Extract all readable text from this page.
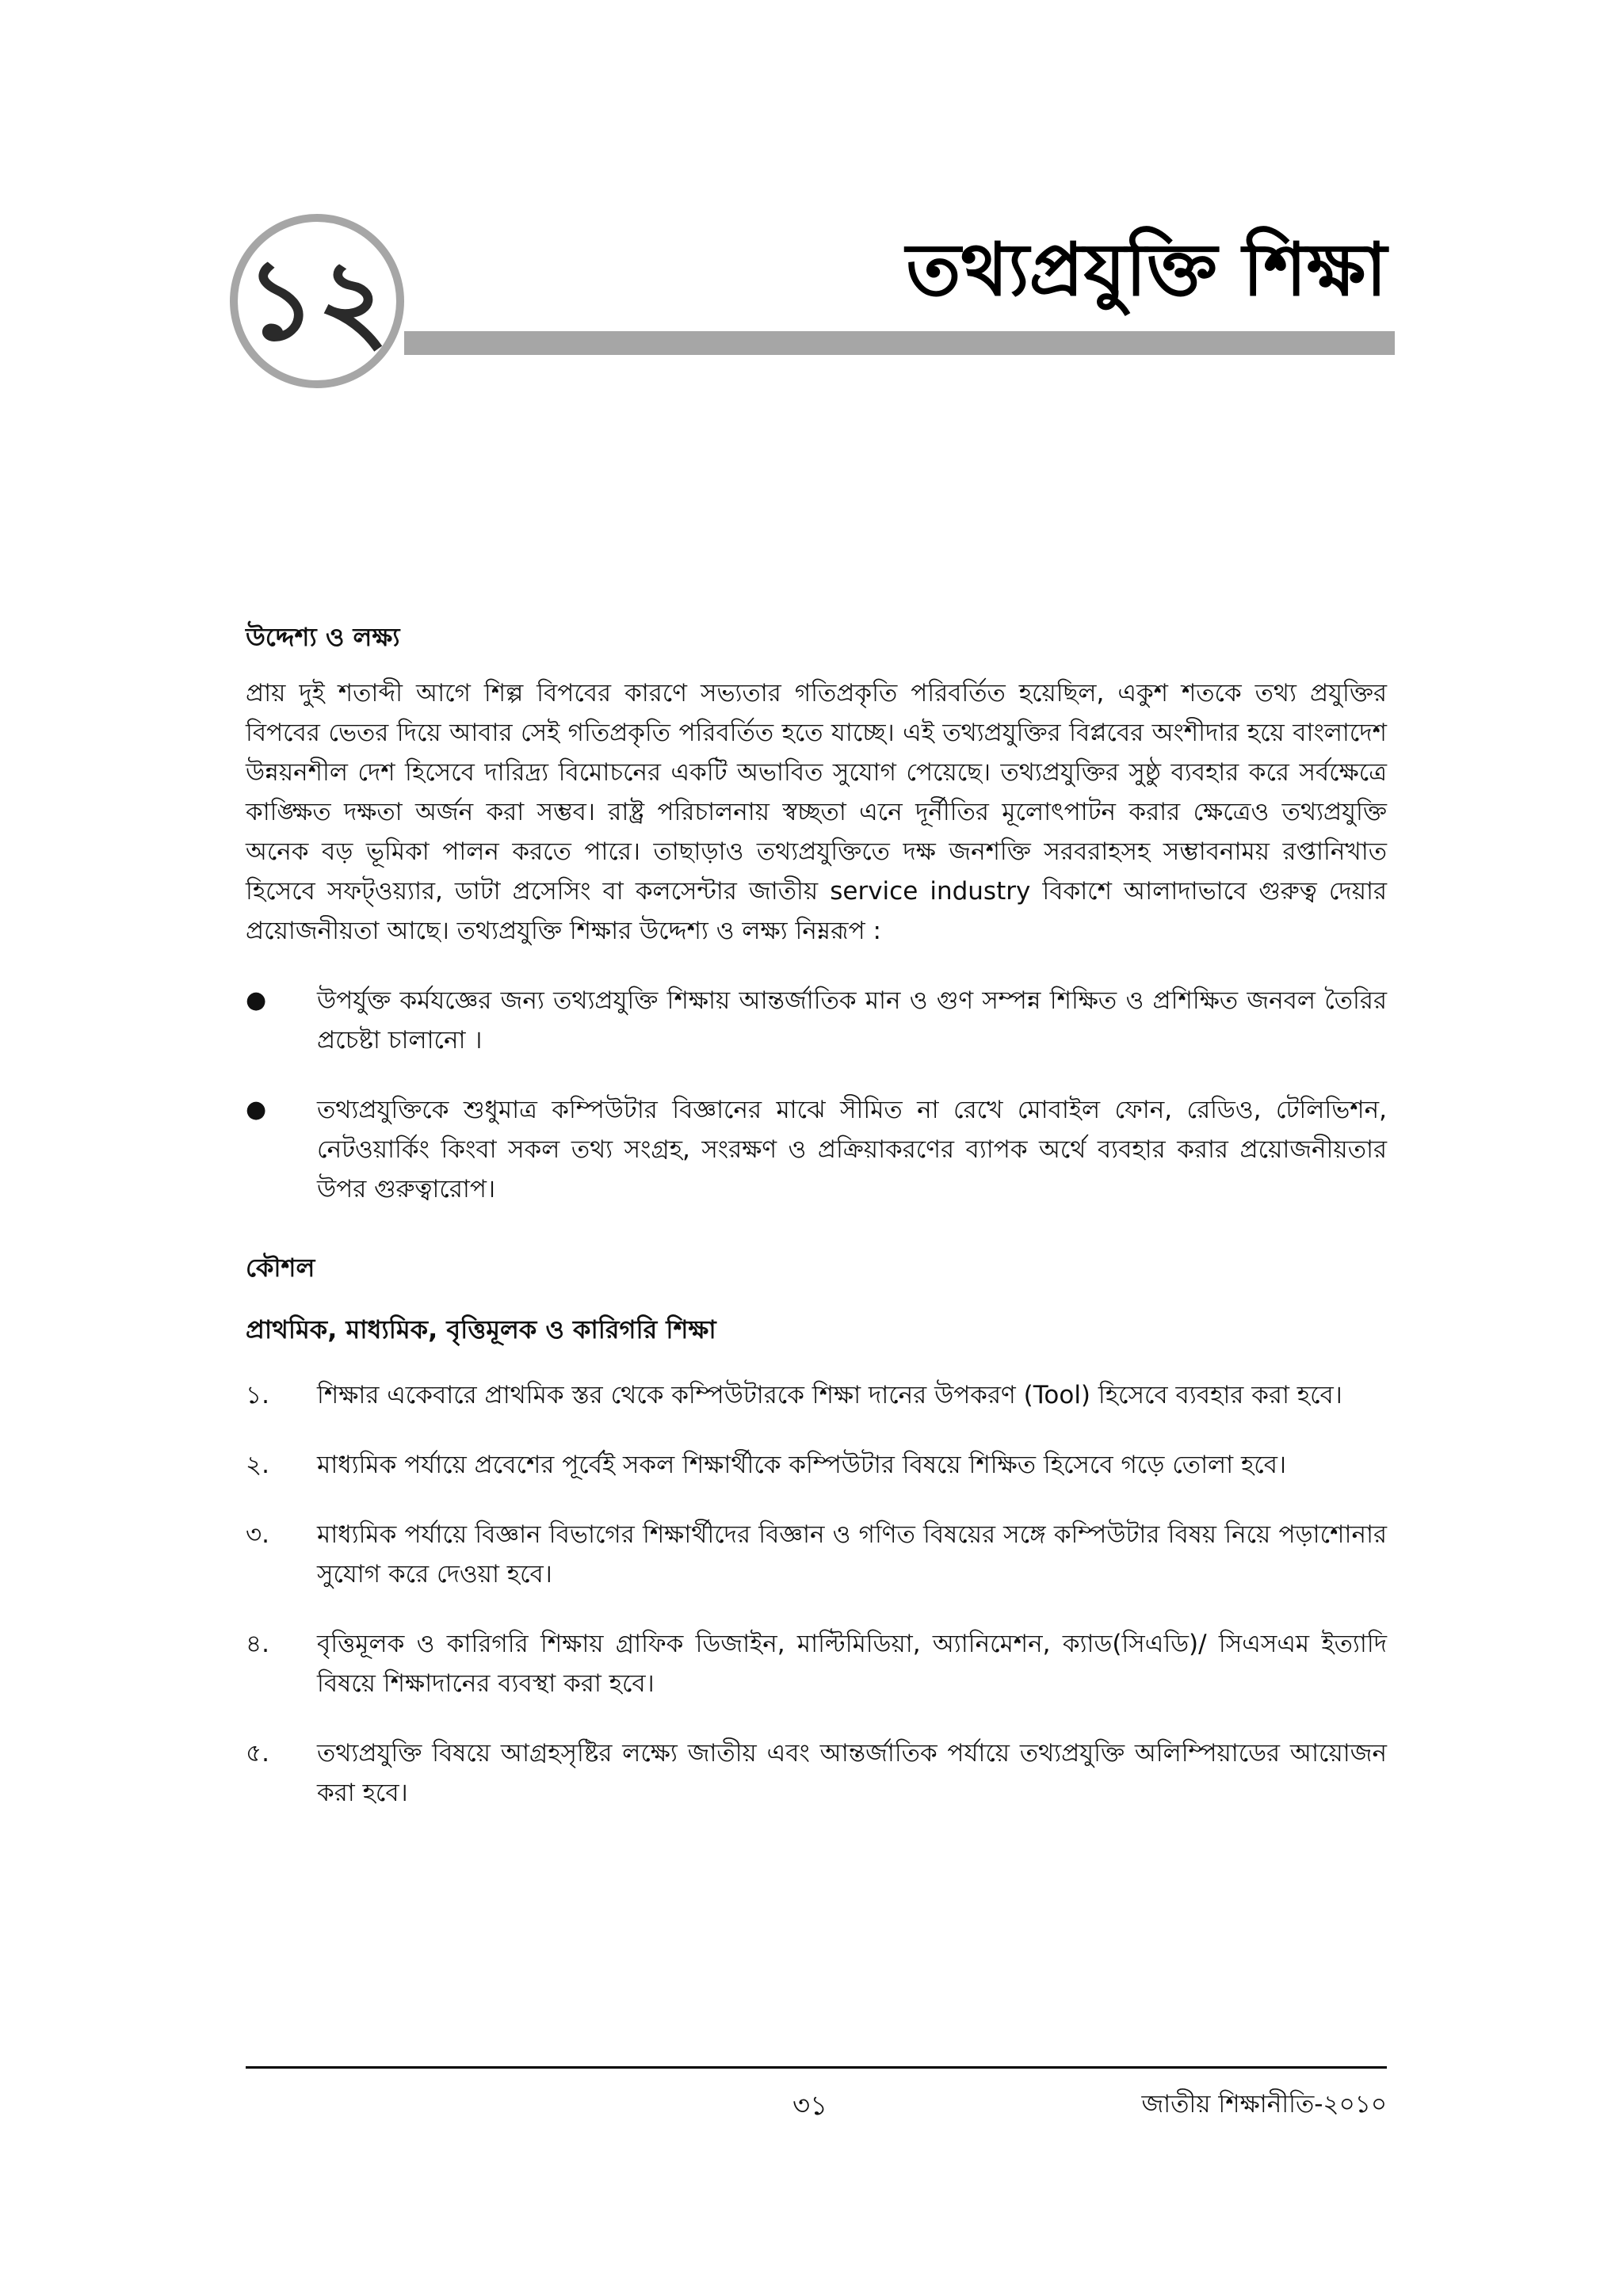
১২	তথ্যপ্রযুক্তি শিক্ষা
উদ্দেশ্য ও লক্ষ্য

প্রায় দুই শতাব্দী আগে শিল্প বিপবের কারণে সভ্যতার গতিপ্রকৃতি পরিবর্তিত হয়েছিল, একুশ শতকে তথ্য প্রযুক্তির বিপবের ভেতর দিয়ে আবার সেই গতিপ্রকৃতি পরিবর্তিত হতে যাচ্ছে। এই তথ্যপ্রযুক্তির বিপ্লবের অংশীদার হয়ে বাংলাদেশ উন্নয়নশীল দেশ হিসেবে দারিদ্র্য বিমোচনের একটি অভাবিত সুযোগ পেয়েছে। তথ্যপ্রযুক্তির সুষ্ঠু ব্যবহার করে সর্বক্ষেত্রে কাঙ্ক্ষিত দক্ষতা অর্জন করা সম্ভব। রাষ্ট্র পরিচালনায় স্বচ্ছতা এনে দূর্নীতির মূলোৎপাটন করার ক্ষেত্রেও তথ্যপ্রযুক্তি অনেক বড় ভূমিকা পালন করতে পারে। তাছাড়াও তথ্যপ্রযুক্তিতে দক্ষ জনশক্তি সরবরাহসহ সম্ভাবনাময় রপ্তানিখাত হিসেবে সফট্ওয়্যার, ডাটা প্রসেসিং বা কলসেন্টার জাতীয় service industry বিকাশে আলাদাভাবে গুরুত্ব দেয়ার প্রয়োজনীয়তা আছে। তথ্যপ্রযুক্তি শিক্ষার উদ্দেশ্য ও লক্ষ্য নিম্নরূপ :

●	উপর্যুক্ত কর্মযজ্ঞের জন্য তথ্যপ্রযুক্তি শিক্ষায় আন্তর্জাতিক মান ও গুণ সম্পন্ন শিক্ষিত ও প্রশিক্ষিত জনবল তৈরির প্রচেষ্টা চালানো ।
●	তথ্যপ্রযুক্তিকে শুধুমাত্র কম্পিউটার বিজ্ঞানের মাঝে সীমিত না রেখে মোবাইল ফোন, রেডিও, টেলিভিশন, নেটওয়ার্কিং কিংবা সকল তথ্য সংগ্রহ, সংরক্ষণ ও প্রক্রিয়াকরণের ব্যাপক অর্থে ব্যবহার করার প্রয়োজনীয়তার উপর গুরুত্বারোপ।
কৌশল
প্রাথমিক, মাধ্যমিক, বৃত্তিমূলক ও কারিগরি শিক্ষা
১.	শিক্ষার একেবারে প্রাথমিক স্তর থেকে কম্পিউটারকে শিক্ষা দানের উপকরণ (Tool) হিসেবে ব্যবহার করা হবে।
২.	মাধ্যমিক পর্যায়ে প্রবেশের পূর্বেই সকল শিক্ষার্থীকে কম্পিউটার বিষয়ে শিক্ষিত হিসেবে গড়ে তোলা হবে।
৩.	মাধ্যমিক পর্যায়ে বিজ্ঞান বিভাগের শিক্ষার্থীদের বিজ্ঞান ও গণিত বিষয়ের সঙ্গে কম্পিউটার বিষয় নিয়ে পড়াশোনার সুযোগ করে দেওয়া হবে।
৪.	বৃত্তিমূলক ও কারিগরি শিক্ষায় গ্রাফিক ডিজাইন, মাল্টিমিডিয়া, অ্যানিমেশন, ক্যাড(সিএডি)/ সিএসএম ইত্যাদি বিষয়ে শিক্ষাদানের ব্যবস্থা করা হবে।
৫.	তথ্যপ্রযুক্তি বিষয়ে আগ্রহসৃষ্টির লক্ষ্যে জাতীয় এবং আন্তর্জাতিক পর্যায়ে তথ্যপ্রযুক্তি অলিম্পিয়াডের আয়োজন করা হবে।
৩১	জাতীয় শিক্ষানীতি-২০১০
